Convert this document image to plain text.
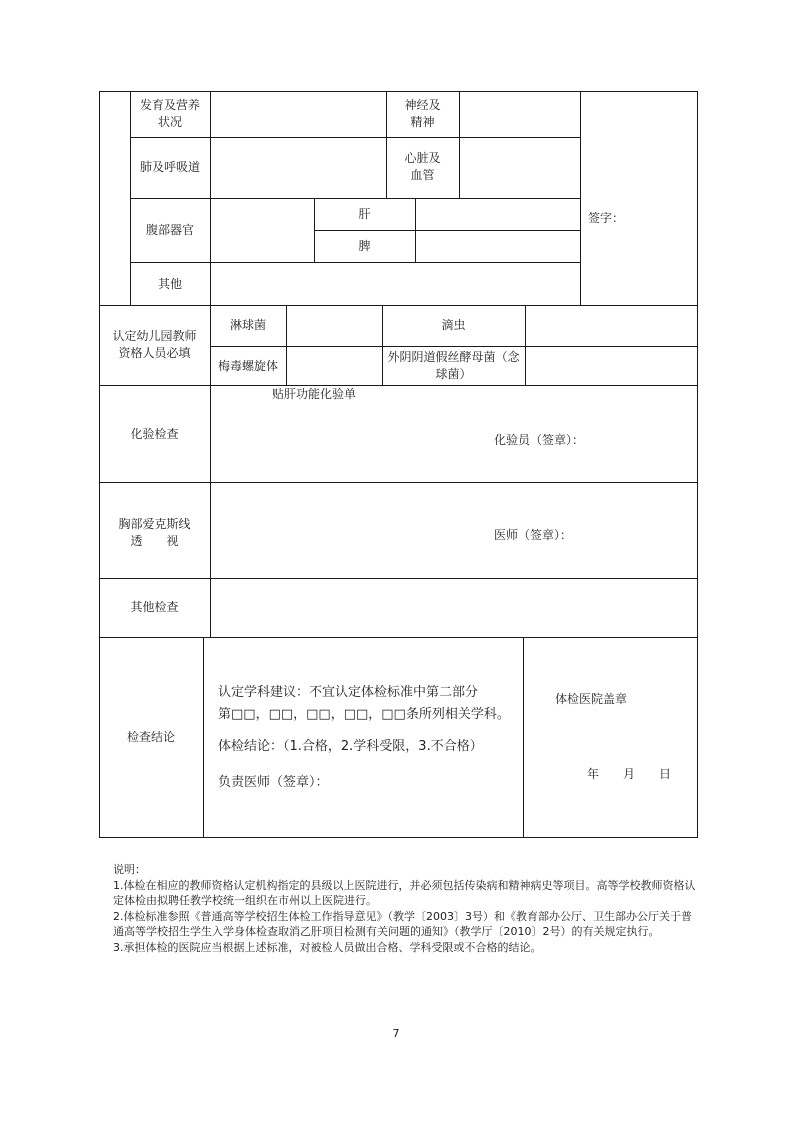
发育及营养
状况
神经及
精神
肺及呼吸道
心脏及
血管
腹部器官
肝
脾
其他
签字：
认定幼儿园教师
资格人员必填
淋球菌	滴虫
梅毒螺旋体
外阴阴道假丝酵母菌（念
球菌）
化验检查
贴肝功能化验单
化验员（签章）：
胸部爱克斯线
透　　视	医师（签章）：
其他检查
检查结论
认定学科建议：不宜认定体检标准中第二部分
第□□，□□，□□，□□，□□条所列相关学科。
体检结论：（1.合格，2.学科受限，3.不合格）
负责医师（签章）：
体检医院盖章
年　　月　　日
说明：
1.体检在相应的教师资格认定机构指定的县级以上医院进行，并必须包括传染病和精神病史等项目。高等学校教师资格认定体检由拟聘任教学校统一组织在市州以上医院进行。
2.体检标准参照《普通高等学校招生体检工作指导意见》（教学〔2003〕3号）和《教育部办公厅、卫生部办公厅关于普通高等学校招生学生入学身体检查取消乙肝项目检测有关问题的通知》（教学厅〔2010〕2号）的有关规定执行。
3.承担体检的医院应当根据上述标准，对被检人员做出合格、学科受限或不合格的结论。
7
